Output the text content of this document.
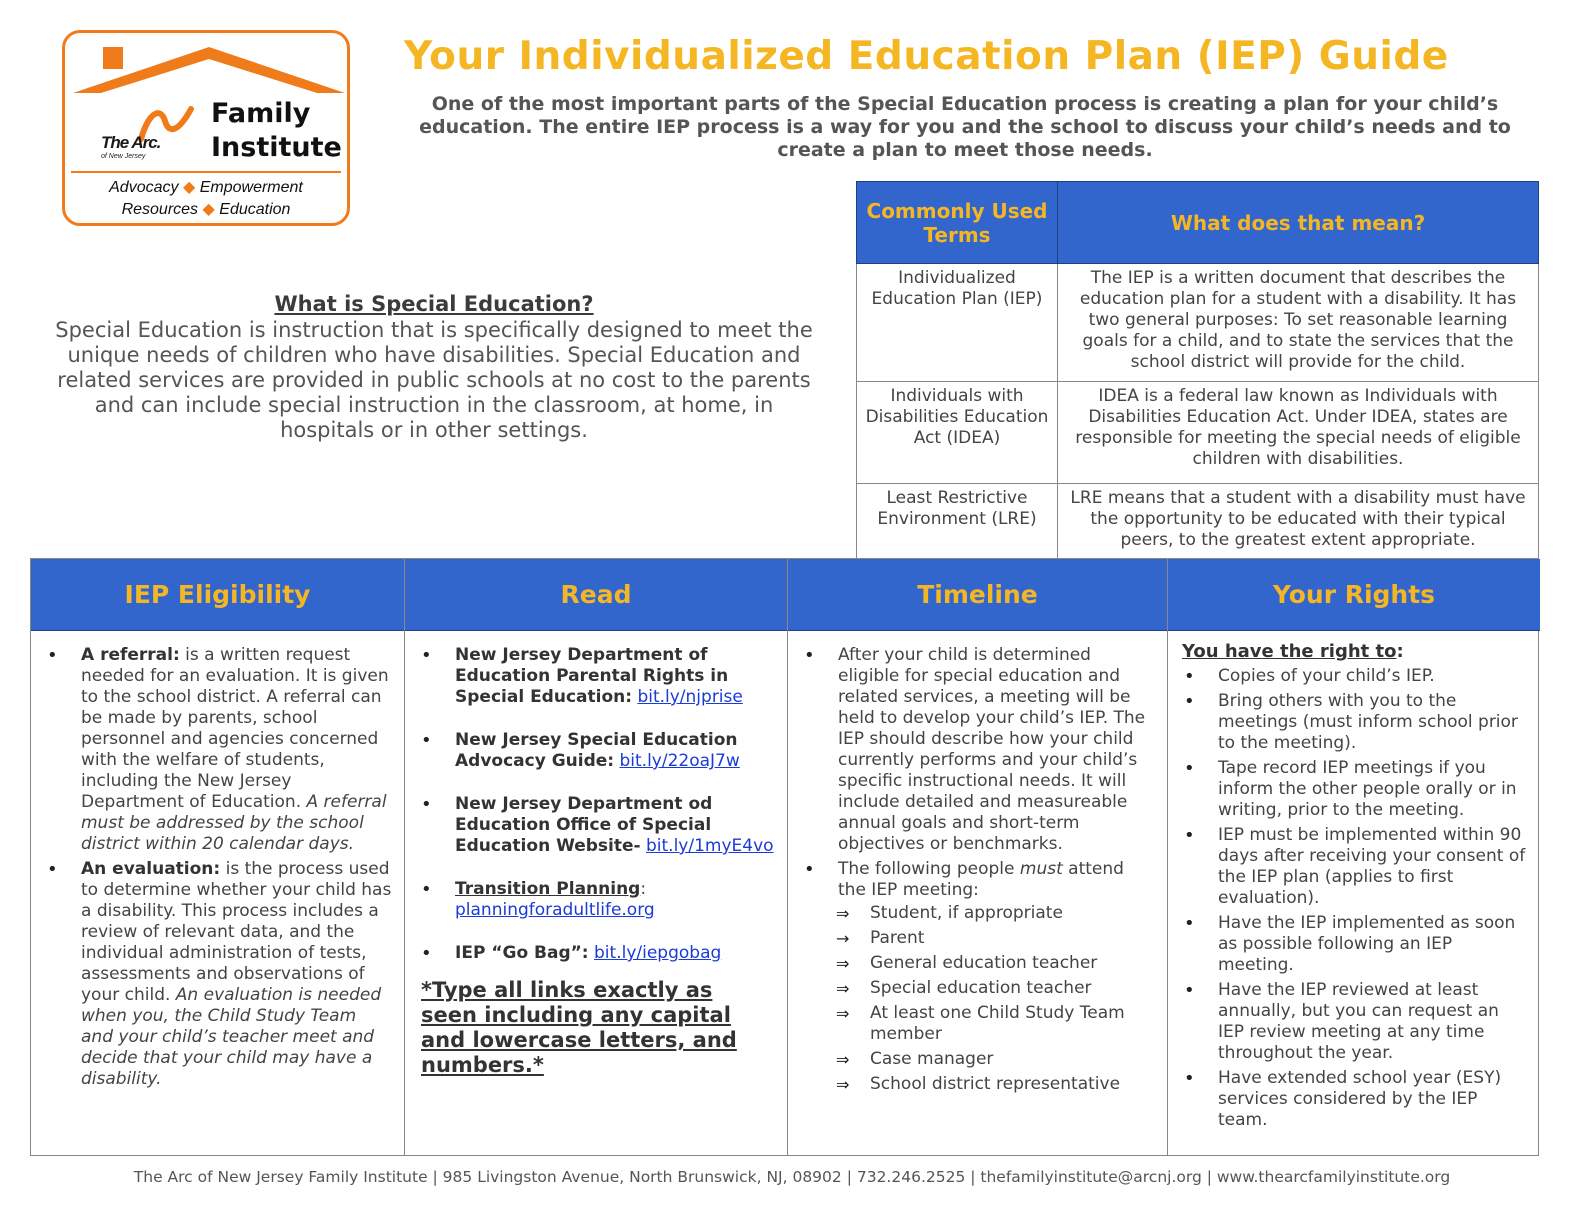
The Arc.
of New Jersey
Family
Institute
Advocacy ◆ Empowerment
Resources ◆ Education
Your Individualized Education Plan (IEP) Guide
One of the most important parts of the Special Education process is creating a plan for your child’s education. The entire IEP process is a way for you and the school to discuss your child’s needs and to create a plan to meet those needs.
What is Special Education?
Special Education is instruction that is specifically designed to meet the unique needs of children who have disabilities. Special Education and related services are provided in public schools at no cost to the parents and can include special instruction in the classroom, at home, in hospitals or in other settings.
Commonly Used Terms	What does that mean?
Individualized Education Plan (IEP)	The IEP is a written document that describes the education plan for a student with a disability. It has two general purposes: To set reasonable learning goals for a child, and to state the services that the school district will provide for the child.
Individuals with Disabilities Education Act (IDEA)	IDEA is a federal law known as Individuals with Disabilities Education Act. Under IDEA, states are responsible for meeting the special needs of eligible children with disabilities.
Least Restrictive Environment (LRE)	LRE means that a student with a disability must have the opportunity to be educated with their typical peers, to the greatest extent appropriate.
IEP Eligibility
• A referral: is a written request needed for an evaluation. It is given to the school district. A referral can be made by parents, school personnel and agencies concerned with the welfare of students, including the New Jersey Department of Education. A referral must be addressed by the school district within 20 calendar days.
• An evaluation: is the process used to determine whether your child has a disability. This process includes a review of relevant data, and the individual administration of tests, assessments and observations of your child. An evaluation is needed when you, the Child Study Team and your child’s teacher meet and decide that your child may have a disability.
Read
• New Jersey Department of Education Parental Rights in Special Education: bit.ly/njprise
• New Jersey Special Education Advocacy Guide: bit.ly/22oaJ7w
• New Jersey Department od Education Office of Special Education Website- bit.ly/1myE4vo
• Transition Planning: planningforadultlife.org
• IEP “Go Bag”: bit.ly/iepgobag
*Type all links exactly as seen including any capital and lowercase letters, and numbers.*
Timeline
• After your child is determined eligible for special education and related services, a meeting will be held to develop your child’s IEP. The IEP should describe how your child currently performs and your child’s specific instructional needs. It will include detailed and measureable annual goals and short-term objectives or benchmarks.
• The following people must attend the IEP meeting:
⇒ Student, if appropriate
→ Parent
⇒ General education teacher
⇒ Special education teacher
⇒ At least one Child Study Team member
⇒ Case manager
⇒ School district representative
Your Rights
You have the right to:
• Copies of your child’s IEP.
• Bring others with you to the meetings (must inform school prior to the meeting).
• Tape record IEP meetings if you inform the other people orally or in writing, prior to the meeting.
• IEP must be implemented within 90 days after receiving your consent of the IEP plan (applies to first evaluation).
• Have the IEP implemented as soon as possible following an IEP meeting.
• Have the IEP reviewed at least annually, but you can request an IEP review meeting at any time throughout the year.
• Have extended school year (ESY) services considered by the IEP team.
The Arc of New Jersey Family Institute | 985 Livingston Avenue, North Brunswick, NJ, 08902 | 732.246.2525 | thefamilyinstitute@arcnj.org | www.thearcfamilyinstitute.org
